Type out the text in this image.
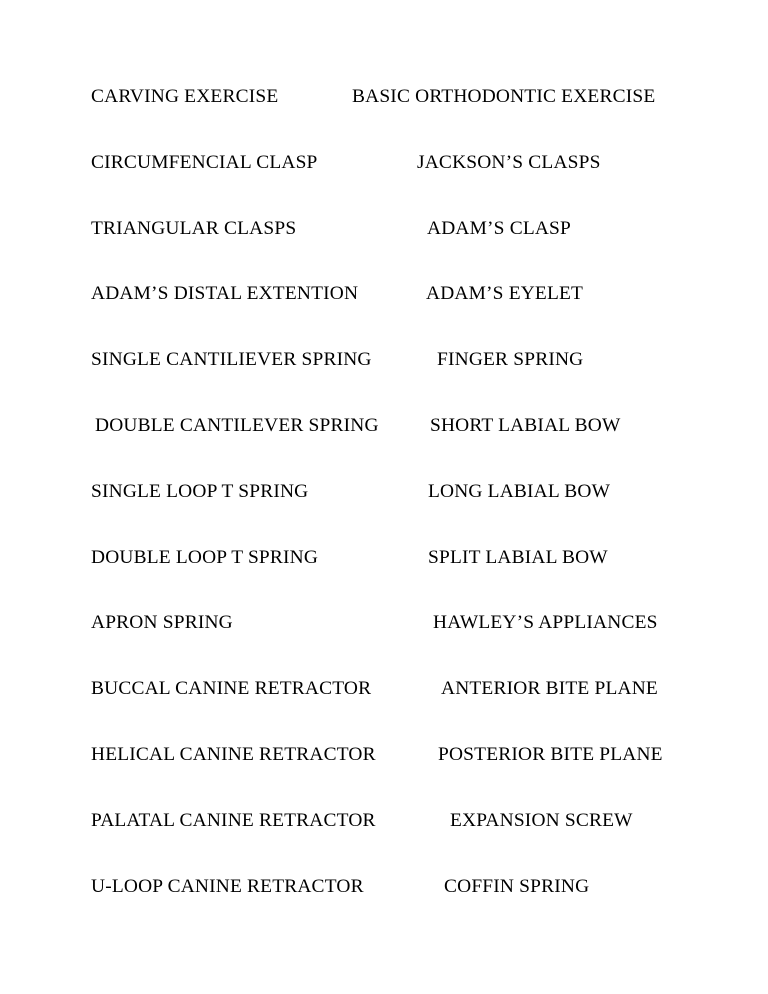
CARVING EXERCISE	BASIC ORTHODONTIC EXERCISE
CIRCUMFENCIAL CLASP	JACKSON’S CLASPS
TRIANGULAR CLASPS	ADAM’S CLASP
ADAM’S DISTAL EXTENTION	ADAM’S EYELET
SINGLE CANTILIEVER SPRING	FINGER SPRING
DOUBLE CANTILEVER SPRING	SHORT LABIAL BOW
SINGLE LOOP T SPRING	LONG LABIAL BOW
DOUBLE LOOP T SPRING	SPLIT LABIAL BOW
APRON SPRING	HAWLEY’S APPLIANCES
BUCCAL CANINE RETRACTOR	ANTERIOR BITE PLANE
HELICAL CANINE RETRACTOR	POSTERIOR BITE PLANE
PALATAL CANINE RETRACTOR	EXPANSION SCREW
U-LOOP CANINE RETRACTOR	COFFIN SPRING
